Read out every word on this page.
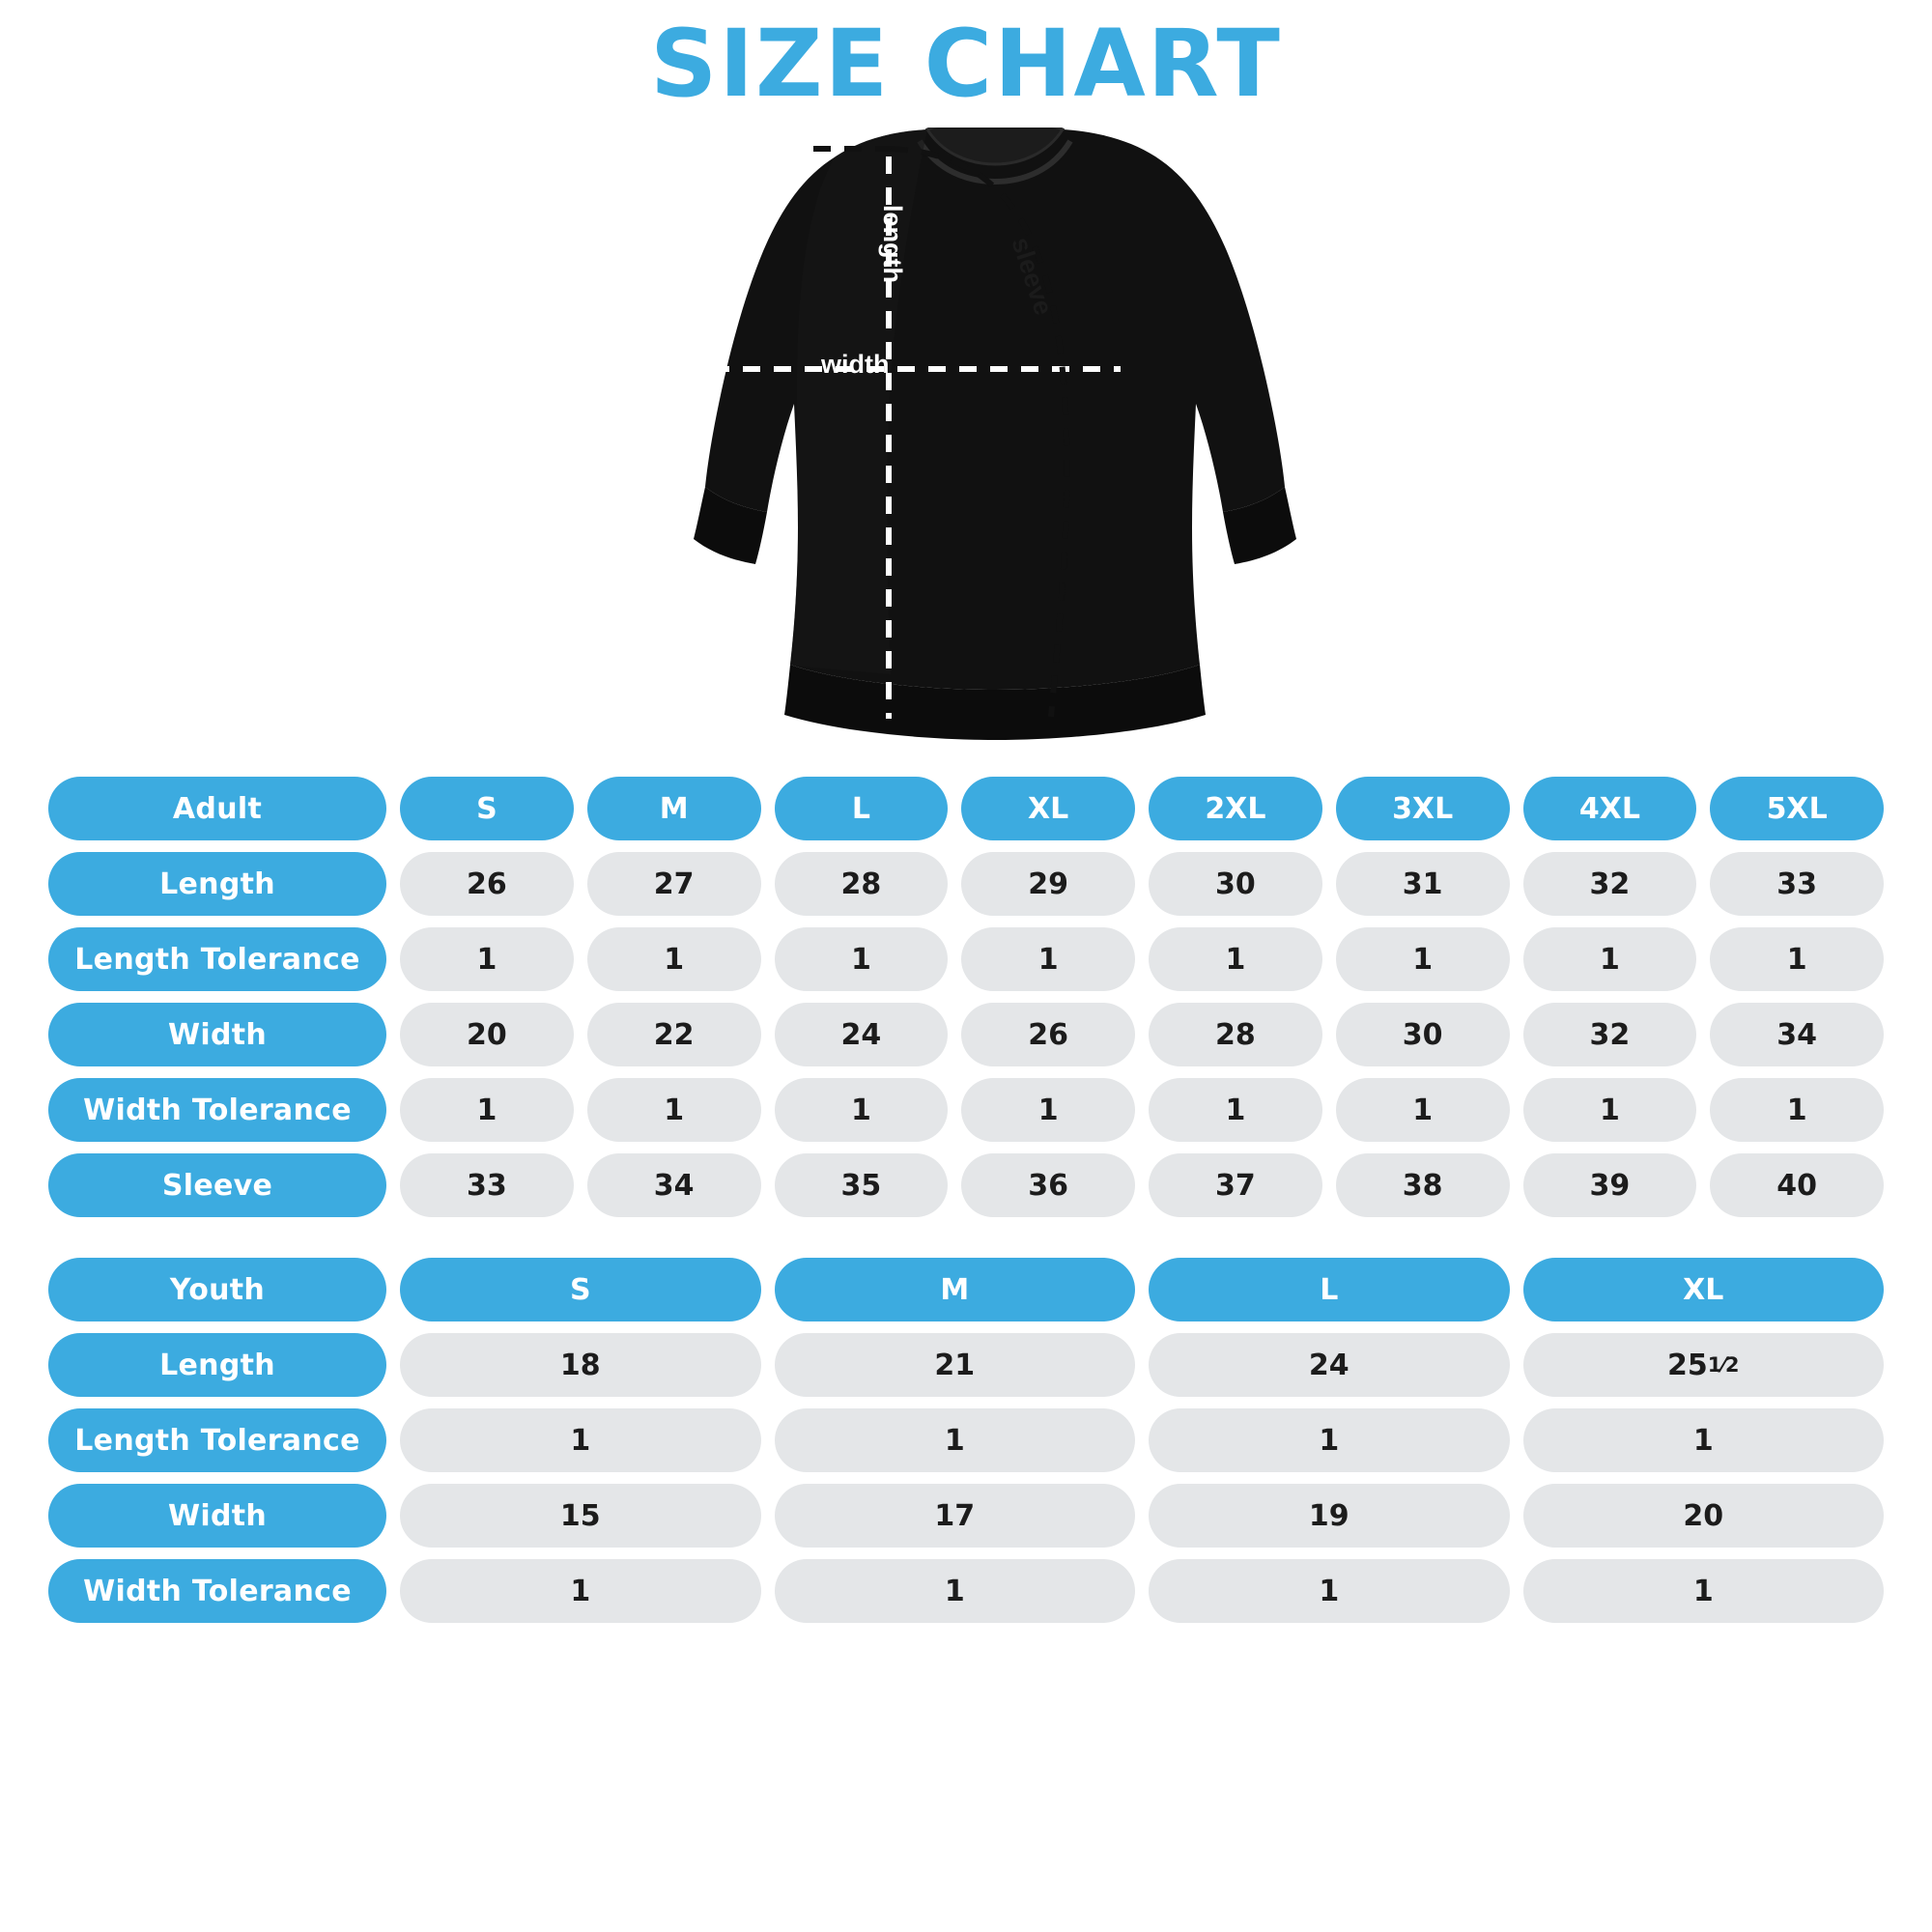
SIZE CHART
width
length	sleeve
Adult	S	M	L	XL	2XL	3XL	4XL	5XL
Length	26	27	28	29	30	31	32	33
Length Tolerance	1	1	1	1	1	1	1	1
Width	20	22	24	26	28	30	32	34
Width Tolerance	1	1	1	1	1	1	1	1
Sleeve	33	34	35	36	37	38	39	40
Youth	S	M	L	XL
Length	18	21	24	25 1⁄2
Length Tolerance	1	1	1	1
Width	15	17	19	20
Width Tolerance	1	1	1	1
